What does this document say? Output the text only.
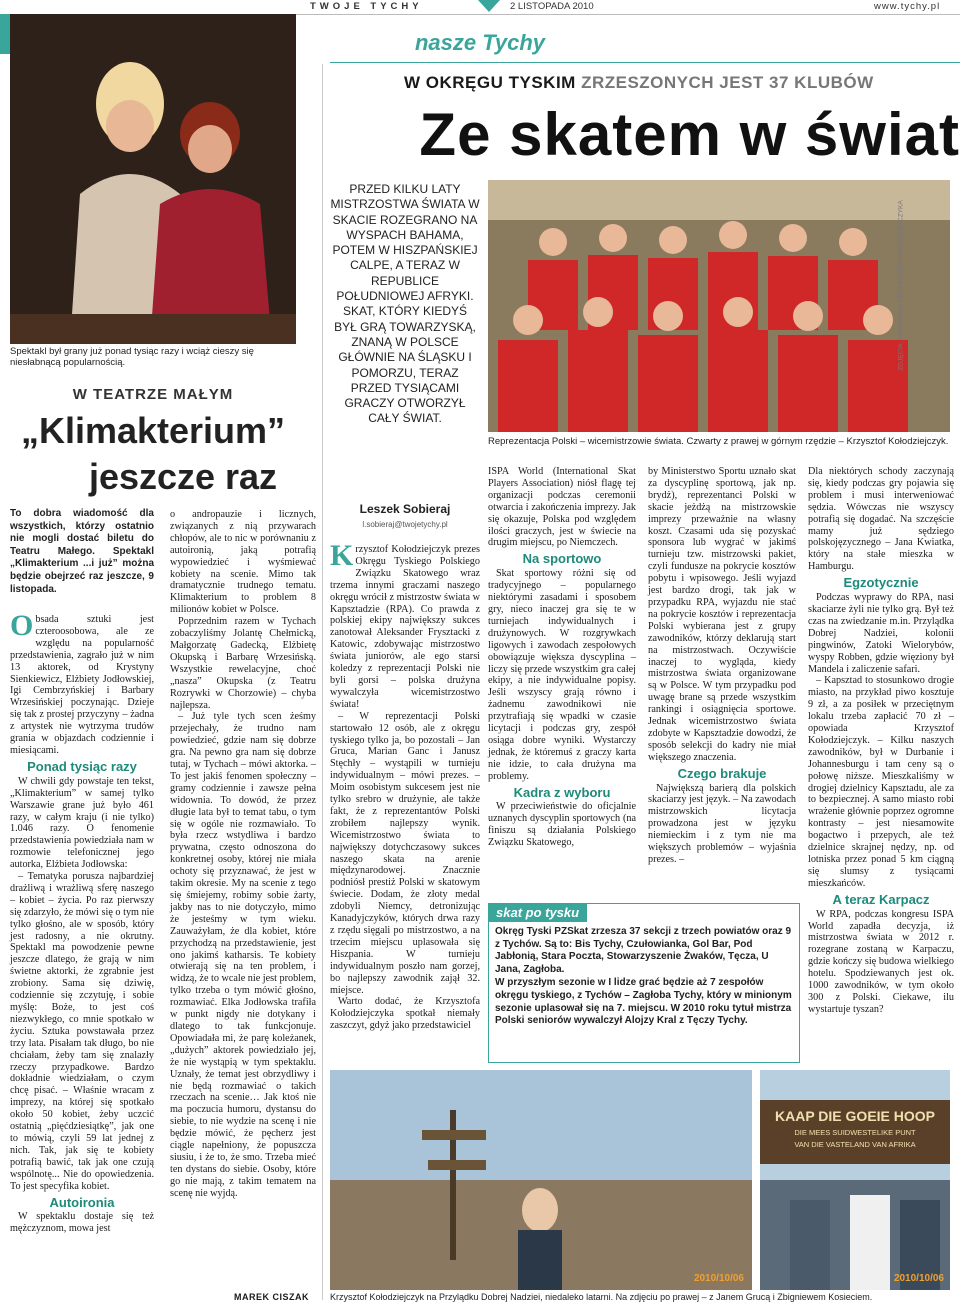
TWOJE TYCHY	2 LISTOPADA 2010	www.tychy.pl
nasze Tychy
W OKRĘGU TYSKIM ZRZESZONYCH JEST 37 KLUBÓW
Ze skatem w świat
Spektakl był grany już ponad tysiąc razy i wciąż cieszy się niesłabnącą popularnością.
W TEATRZE MAŁYM
„Klimakterium”
jeszcze raz
To dobra wiadomość dla wszystkich, którzy ostatnio nie mogli dostać biletu do Teatru Małego. Spektakl „Klimakterium ...i już” można będzie obejrzeć raz jeszcze, 9 listopada.

Obsada sztuki jest czteroosobowa, ale ze względu na popularność przedstawienia, zagrało już w nim 13 aktorek, od Krystyny Sienkiewicz, Elżbiety Jodłowskiej, Igi Cembrzyńskiej i Barbary Wrzesińskiej poczynając. Dzieje się tak z prostej przyczyny – żadna z artystek nie wytrzyma trudów grania w objazdach codziennie i miesiącami.

Ponad tysiąc razy

W chwili gdy powstaje ten tekst, „Klimakterium” w samej tylko Warszawie grane już było 461 razy, w całym kraju (i nie tylko) 1.046 razy. O fenomenie przedstawienia powiedziała nam w rozmowie telefonicznej jego autorka, Elżbieta Jodłowska:

– Tematyka porusza najbardziej drażliwą i wrażliwą sferę naszego – kobiet – życia. Po raz pierwszy się zdarzyło, że mówi się o tym nie tylko głośno, ale w sposób, który jest radosny, a nie okrutny. Spektakl ma powodzenie pewne jeszcze dlatego, że grają w nim świetne aktorki, że zgrabnie jest zrobiony. Sama się dziwię, codziennie się zczytuję, i sobie myślę: Boże, to jest coś niezwykłego, co mnie spotkało w życiu. Sztuka powstawała przez trzy lata. Pisałam tak długo, bo nie chciałam, żeby tam się znalazły rzeczy przypadkowe. Bardzo dokładnie wiedziałam, o czym chcę pisać. – Właśnie wracam z imprezy, na której się spotkało około 50 kobiet, żeby uczcić ostatnią „pięćdziesiątkę”, jak one to mówią, czyli 59 lat jednej z nich. Tak, jak się te kobiety potrafią bawić, tak jak one czują wspólnotę... Nie do opowiedzenia. To jest specyfika kobiet.

Autoironia

W spektaklu dostaje się też mężczyznom, mowa jest

o andropauzie i licznych, związanych z nią przywarach chłopów, ale to nic w porównaniu z autoironią, jaką potrafią wypowiedzieć i wyśmiewać kobiety na scenie. Mimo tak dramatycznie trudnego tematu. Klimakterium to problem 8 milionów kobiet w Polsce.

Poprzednim razem w Tychach zobaczyliśmy Jolantę Chełmicką, Małgorzatę Gadecką, Elżbietę Okupską i Barbarę Wrzesińską. Wszystkie rewelacyjne, choć „nasza” Okupska (z Teatru Rozrywki w Chorzowie) – chyba najlepsza.

– Już tyle tych scen żeśmy przejechały, że trudno nam powiedzieć, gdzie nam się dobrze gra. Na pewno gra nam się dobrze tutaj, w Tychach – mówi aktorka. – To jest jakiś fenomen społeczny – gramy codziennie i zawsze pełna widownia. To dowód, że przez długie lata był to temat tabu, o tym się w ogóle nie rozmawiało. To była rzecz wstydliwa i bardzo prywatna, często odnoszona do konkretnej osoby, której nie miała ochoty się przyznawać, że jest w takim okresie. My na scenie z tego się śmiejemy, robimy sobie żarty, jakby nas to nie dotyczyło, mimo że jesteśmy w tym wieku. Zauważyłam, że dla kobiet, które przychodzą na przedstawienie, jest ono jakimś katharsis. Te kobiety otwierają się na ten problem, i widzą, że to wcale nie jest problem, tylko trzeba o tym mówić głośno, rozmawiać. Elka Jodłowska trafiła w punkt nigdy nie dotykany i dlatego to tak funkcjonuje. Opowiadała mi, że parę koleżanek, „dużych” aktorek powiedziało jej, że nie wystąpią w tym spektaklu. Uznały, że temat jest obrzydliwy i nie będą rozmawiać o takich rzeczach na scenie… Jak ktoś nie ma poczucia humoru, dystansu do siebie, to nie wydzie na scenę i nie będzie mówić, że pęcherz jest ciągle napełniony, że popuszcza siusiu, i że to, że smo. Trzeba mieć ten dystans do siebie. Osoby, które go nie mają, z takim tematem na scenę nie wyjdą.

MAREK CISZAK
PRZED KILKU LATY MISTRZOSTWA ŚWIATA W SKACIE ROZEGRANO NA WYSPACH BAHAMA, POTEM W HISZPAŃSKIEJ CALPE, A TERAZ W REPUBLICE POŁUDNIOWEJ AFRYKI. SKAT, KTÓRY KIEDYŚ BYŁ GRĄ TOWARZYSKĄ, ZNANĄ W POLSCE GŁÓWNIE NA ŚLĄSKU I POMORZU, TERAZ PRZED TYSIĄCAMI GRACZY OTWORZYŁ CAŁY ŚWIAT.
Leszek Sobieraj
l.sobieraj@twojetychy.pl
ZDJĘCIA: ARCHIWUM KRZYSZTOFA KOŁODZIEJCZYKA
Reprezentacja Polski – wicemistrzowie świata. Czwarty z prawej w górnym rzędzie – Krzysztof Kołodziejczyk.

Krzysztof Kołodziejczyk prezes Okręgu Tyskiego Polskiego Związku Skatowego wraz trzema innymi graczami naszego okręgu wrócił z mistrzostw świata w Kapsztadzie (RPA). Co prawda z polskiej ekipy największy sukces zanotował Aleksander Frysztacki z Katowic, zdobywając mistrzostwo świata juniorów, ale ego starsi koledzy z reprezentacji Polski nie byli gorsi – polska drużyna wywalczyła wicemistrzostwo świata!

– W reprezentacji Polski startowało 12 osób, ale z okręgu tyskiego tylko ja, bo pozostali – Jan Gruca, Marian Ganc i Janusz Stęchły – wystąpili w turnieju indywidualnym – mówi prezes. – Moim osobistym sukcesem jest nie tylko srebro w drużynie, ale także fakt, że z reprezentantów Polski zrobiłem najlepszy wynik. Wicemistrzostwo świata to największy dotychczasowy sukces naszego skata na arenie międzynarodowej. Znacznie podniósł prestiż Polski w skatowym świecie. Dodam, że złoty medal zdobyli Niemcy, detronizując Kanadyjczyków, których drwa razy z rzędu sięgali po mistrzostwo, a na trzecim miejscu uplasowała się Hiszpania. W turnieju indywidualnym poszło nam gorzej, bo najlepszy zawodnik zajął 32. miejsce.

Warto dodać, że Krzysztofa Kołodziejczyka spotkał niemały zaszczyt, gdyż jako przedstawiciel

ISPA World (International Skat Players Association) niósł flagę tej organizacji podczas ceremonii otwarcia i zakończenia imprezy. Jak się okazuje, Polska pod względem ilości graczych, jest w świecie na drugim miejscu, po Niemczech.

Na sportowo

Skat sportowy różni się od tradycyjnego – popularnego niektórymi zasadami i sposobem gry, nieco inaczej gra się te w turniejach indywidualnych i drużynowych. W rozgrywkach ligowych i zawodach zespołowych obowiązuje większa dyscyplina – liczy się przede wszystkim gra całej ekipy, a nie indywidualne popisy. Jeśli wszyscy grają równo i żadnemu zawodnikowi nie przytrafiają się wpadki w czasie licytacji i podczas gry, zespół osiąga dobre wyniki. Wystarczy jednak, że któremuś z graczy karta nie idzie, to cała drużyna ma problemy.

Kadra z wyboru

W przeciwieństwie do oficjalnie uznanych dyscyplin sportowych (na finiszu są działania Polskiego Związku Skatowego,

by Ministerstwo Sportu uznało skat za dyscyplinę sportową, jak np. brydż), reprezentanci Polski w skacie jeżdżą na mistrzowskie imprezy przeważnie na własny koszt. Czasami uda się pozyskać sponsora lub wygrać w jakimś turnieju tzw. mistrzowski pakiet, czyli fundusze na pokrycie kosztów pobytu i wpisowego. Jeśli wyjazd jest bardzo drogi, tak jak w przypadku RPA, wyjazdu nie stać na pokrycie kosztów i reprezentacja Polski wybierana jest z grupy zawodników, którzy deklarują start na mistrzostwach. Oczywiście inaczej to wygląda, kiedy mistrzostwa świata organizowane są w Polsce. W tym przypadku pod uwagę brane są przede wszystkim rankingi i osiągnięcia sportowe. Jednak wicemistrzostwo świata zdobyte w Kapsztadzie dowodzi, że sposób selekcji do kadry nie miał większego znaczenia.

Czego brakuje

Największą barierą dla polskich skaciarzy jest język. – Na zawodach mistrzowskich licytacja prowadzona jest w języku niemieckim i z tym nie ma większych problemów – wyjaśnia prezes. –

Dla niektórych schody zaczynają się, kiedy podczas gry pojawia się problem i musi interweniować sędzia. Wówczas nie wszyscy potrafią się dogadać. Na szczęście mamy już sędziego polskojęzycznego – Jana Kwiatka, który na stałe mieszka w Hamburgu.

Egzotycznie

Podczas wyprawy do RPA, nasi skaciarze żyli nie tylko grą. Był też czas na zwiedzanie m.in. Przylądka Dobrej Nadziei, kolonii pingwinów, Zatoki Wielorybów, wyspy Robben, gdzie więziony był Mandela i zaliczenie safari.

– Kapsztad to stosunkowo drogie miasto, na przykład piwo kosztuje 9 zł, a za posiłek w przeciętnym lokalu trzeba zapłacić 70 zł – opowiada Krzysztof Kołodziejczyk. – Kilku naszych zawodników, był w Durbanie i Johannesburgu i tam ceny są o połowę niższe. Mieszkaliśmy w drogiej dzielnicy Kapsztadu, ale za to bezpiecznej. A samo miasto robi wrażenie głównie poprzez ogromne kontrasty – jest niesamowite bogactwo i przepych, ale też dzielnice skrajnej nędzy, np. od lotniska przez ponad 5 km ciągną się slumsy z tysiącami mieszkańców.

A teraz Karpacz

W RPA, podczas kongresu ISPA World zapadła decyzja, iż mistrzostwa świata w 2012 r. rozegrane zostaną w Karpaczu, gdzie kończy się budowa wielkiego hotelu. Spodziewanych jest ok. 1000 zawodników, w tym około 300 z Polski. Ciekawe, ilu wystartuje tyszan?

skat po tysku

Okręg Tyski PZSkat zrzesza 37 sekcji z trzech powiatów oraz 9 z Tychów. Są to: Bis Tychy, Czułowianka, Gol Bar, Pod Jabłonią, Stara Poczta, Stowarzyszenie Żwaków, Tęcza, U Jana, Zagłoba.

W przyszłym sezonie w I lidze grać będzie aż 7 zespołów okręgu tyskiego, z Tychów – Zagłoba Tychy, który w minionym sezonie uplasował się na 7. miejscu. W 2010 roku tytuł mistrza Polski seniorów wywalczył Alojzy Kral z Tęczy Tychy.

2010/10/06
KAAP DIE GOEIE HOOP
DIE MEES SUIDWESTELIKE PUNT
VAN DIE VASTELAND VAN AFRIKA
2010/10/06
Krzysztof Kołodziejczyk na Przylądku Dobrej Nadziei, niedaleko latarni. Na zdjęciu po prawej – z Janem Grucą i Zbigniewem Kosieciem.
